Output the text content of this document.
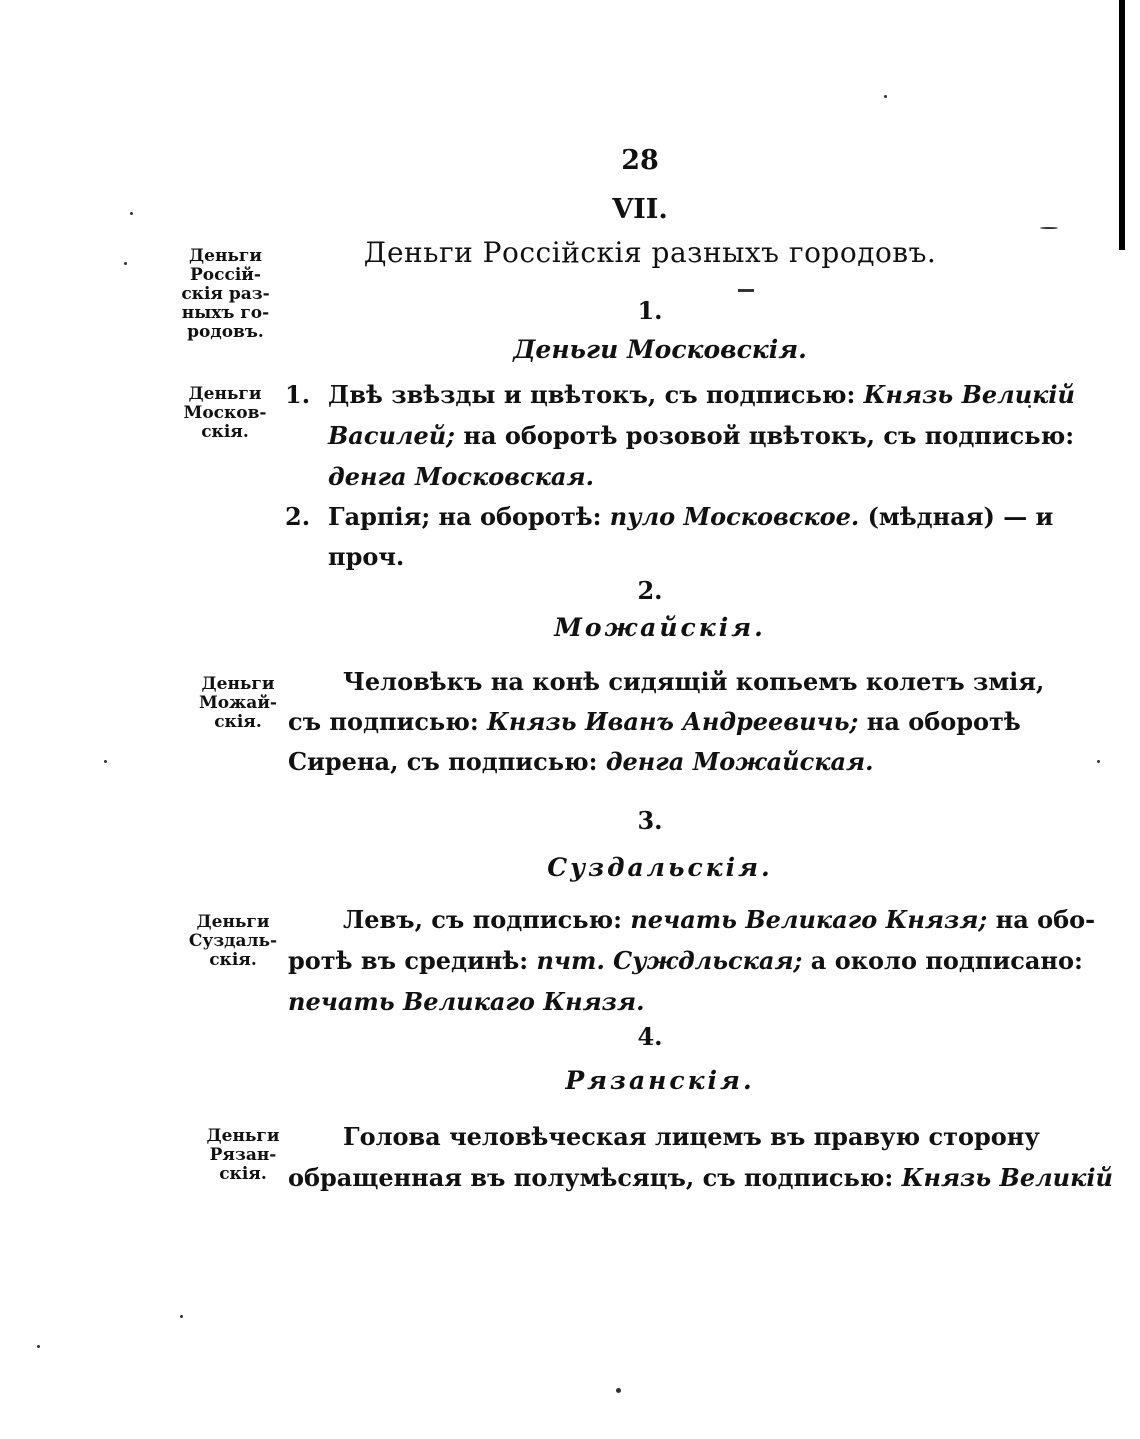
28
VII.
Деньги Россійскія разныхъ городовъ.
Деньги
Россій-
скія раз-
ныхъ го-
родовъ.
1.
Деньги Московскія.
Деньги
Москов-
скія.
1. Двѣ звѣзды и цвѣтокъ, съ подписью: Князь Великій
Василей; на оборотѣ розовой цвѣтокъ, съ подписью:
денга Московская.
2. Гарпія; на оборотѣ: пуло Московское. (мѣдная) — и
проч.
2.
Можайскія.
Деньги
Можай-
скія.
Человѣкъ на конѣ сидящій копьемъ колетъ змія,
съ подписью: Князь Иванъ Андреевичь; на оборотѣ
Сирена, съ подписью: денга Можайская.
3.
Суздальскія.
Деньги
Суздаль-
скія.
Левъ, съ подписью: печать Великаго Князя; на обо-
ротѣ въ срединѣ: пчт. Суждльская; а около подписано:
печать Великаго Князя.
4.
Рязанскія.
Деньги
Рязан-
скія.
Голова человѣческая лицемъ въ правую сторону
обращенная въ полумѣсяцъ, съ подписью: Князь Великій
